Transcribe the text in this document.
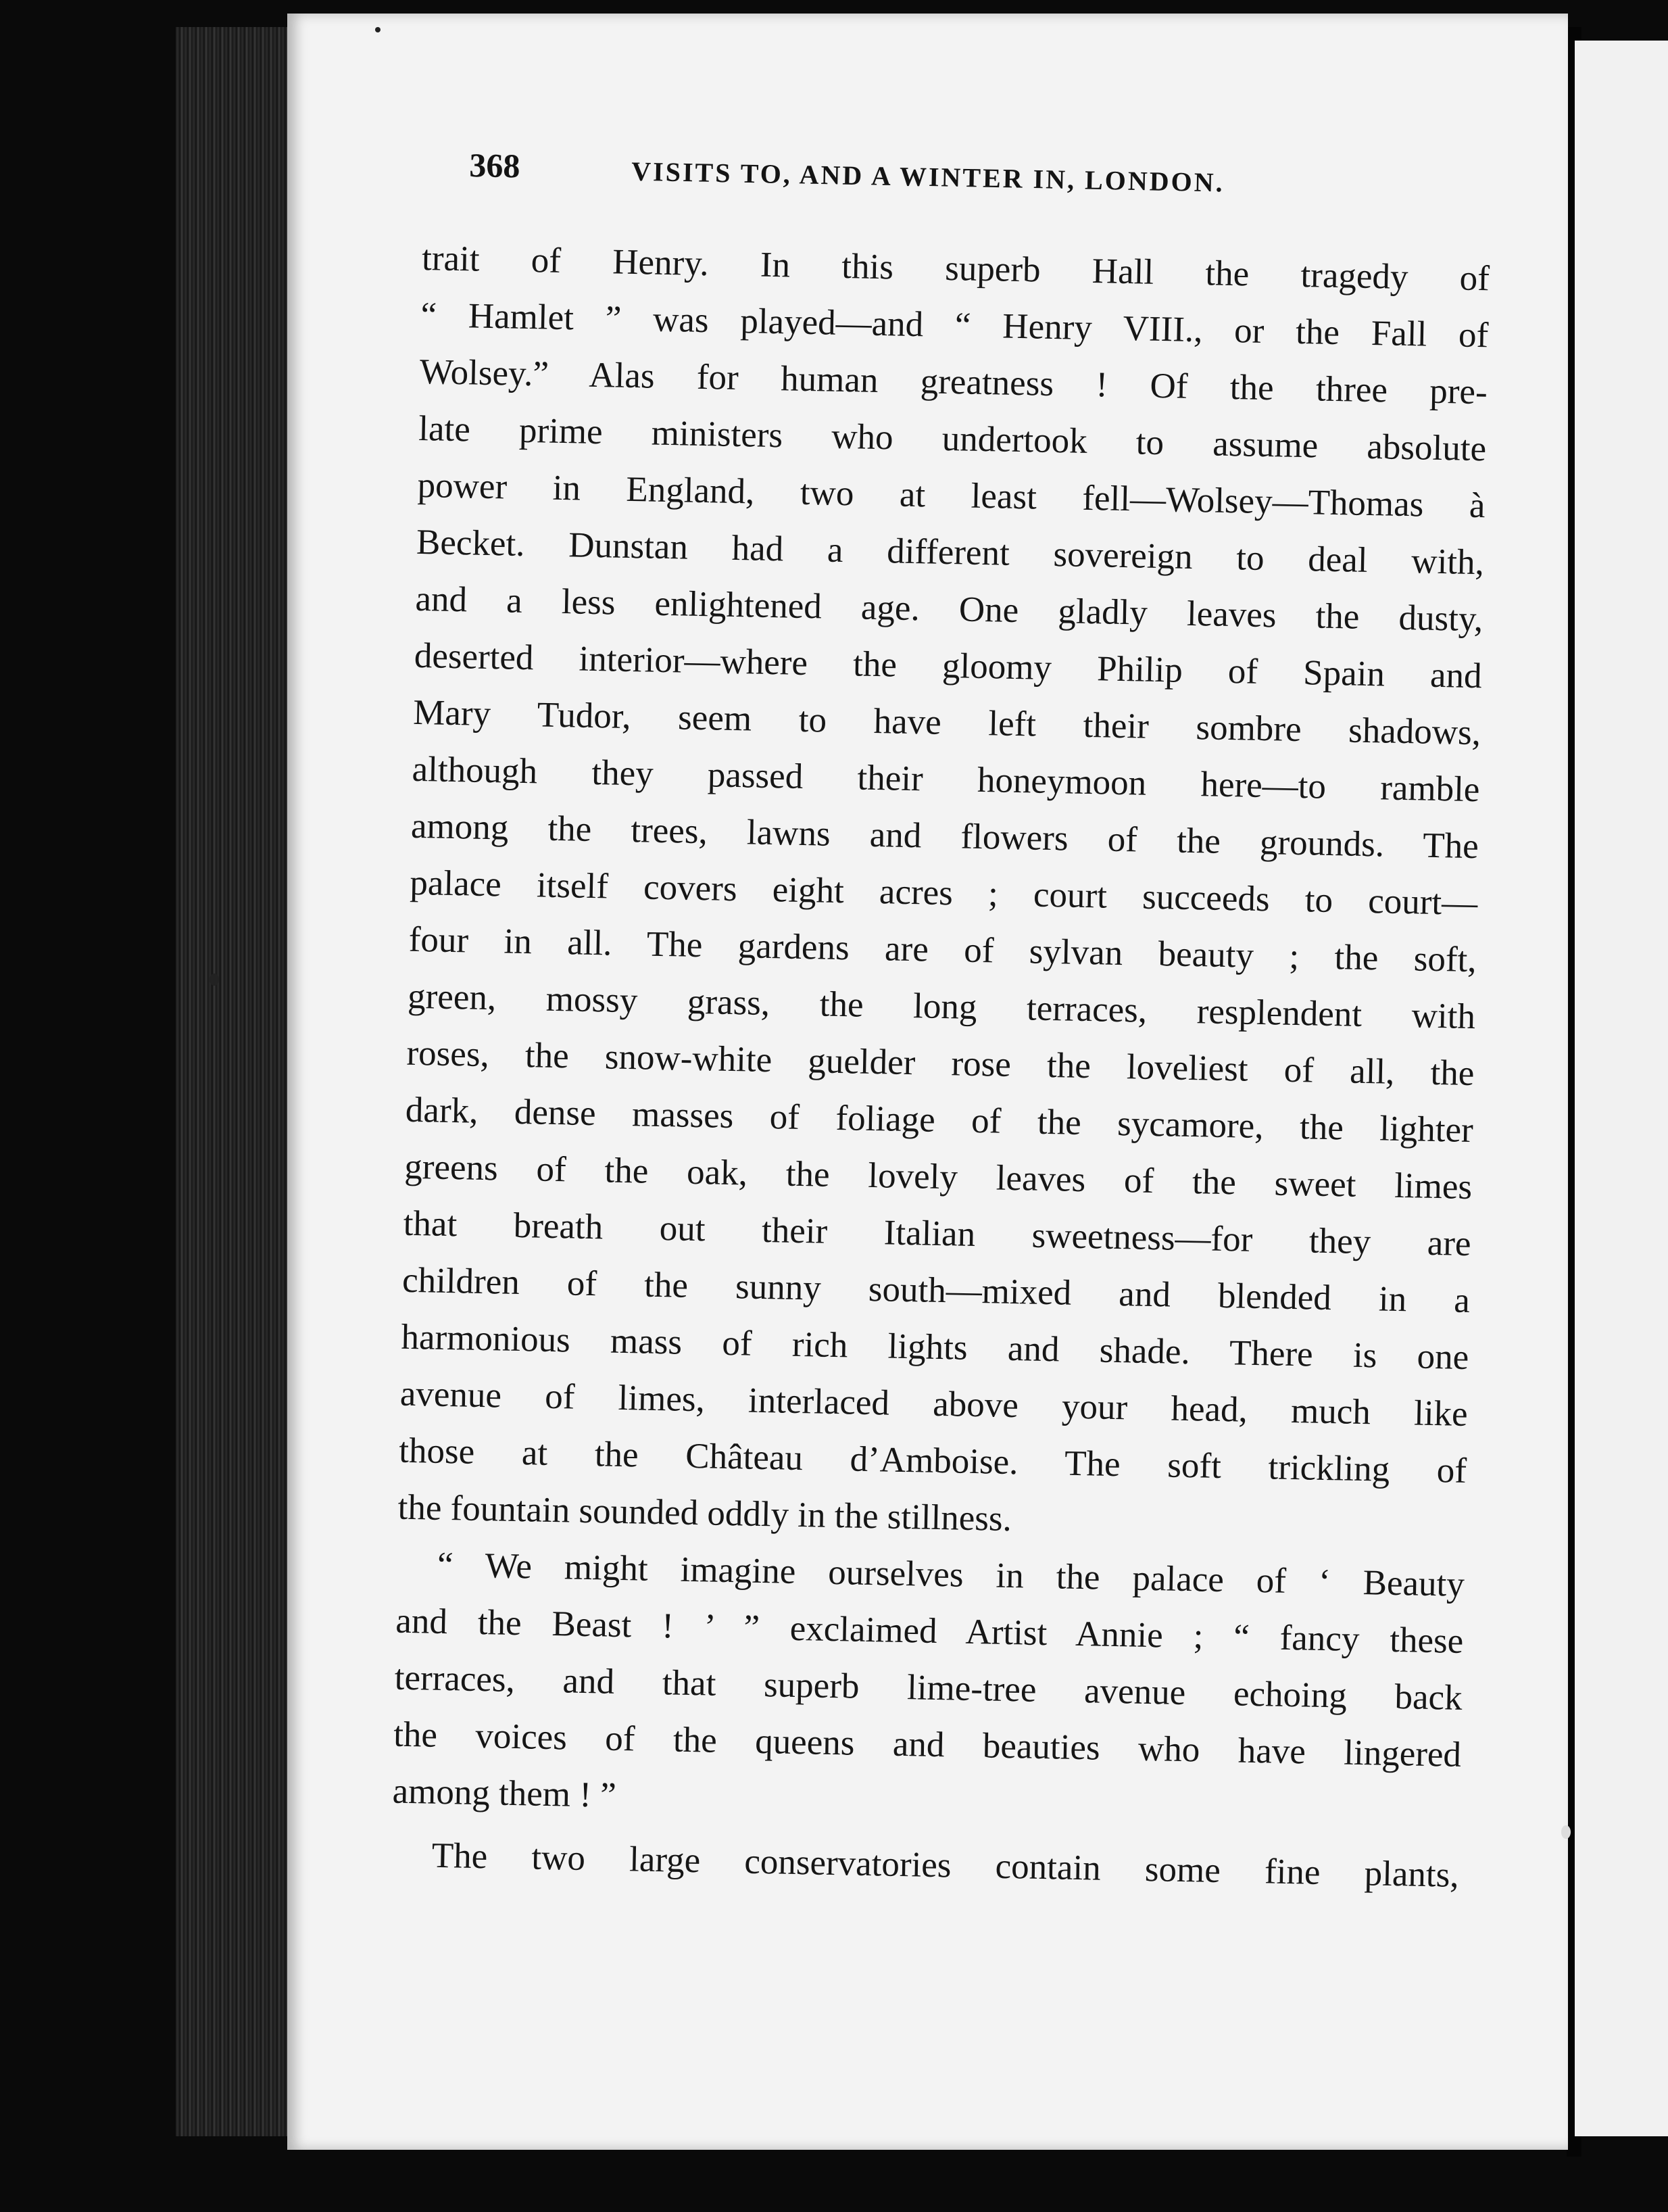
368	VISITS TO, AND A WINTER IN, LONDON.
trait of Henry. In this superb Hall the tragedy of
“ Hamlet ” was played—and “ Henry VIII., or the Fall of
Wolsey.” Alas for human greatness ! Of the three pre-
late prime ministers who undertook to assume absolute
power in England, two at least fell—Wolsey—Thomas à
Becket. Dunstan had a different sovereign to deal with,
and a less enlightened age. One gladly leaves the dusty,
deserted interior—where the gloomy Philip of Spain and
Mary Tudor, seem to have left their sombre shadows,
although they passed their honeymoon here—to ramble
among the trees, lawns and flowers of the grounds. The
palace itself covers eight acres ; court succeeds to court—
four in all. The gardens are of sylvan beauty ; the soft,
green, mossy grass, the long terraces, resplendent with
roses, the snow-white guelder rose the loveliest of all, the
dark, dense masses of foliage of the sycamore, the lighter
greens of the oak, the lovely leaves of the sweet limes
that breath out their Italian sweetness—for they are
children of the sunny south—mixed and blended in a
harmonious mass of rich lights and shade. There is one
avenue of limes, interlaced above your head, much like
those at the Château d’Amboise. The soft trickling of
the fountain sounded oddly in the stillness.
“ We might imagine ourselves in the palace of ‘ Beauty
and the Beast ! ’ ” exclaimed Artist Annie ; “ fancy these
terraces, and that superb lime-tree avenue echoing back
the voices of the queens and beauties who have lingered
among them ! ”
The two large conservatories contain some fine plants,
